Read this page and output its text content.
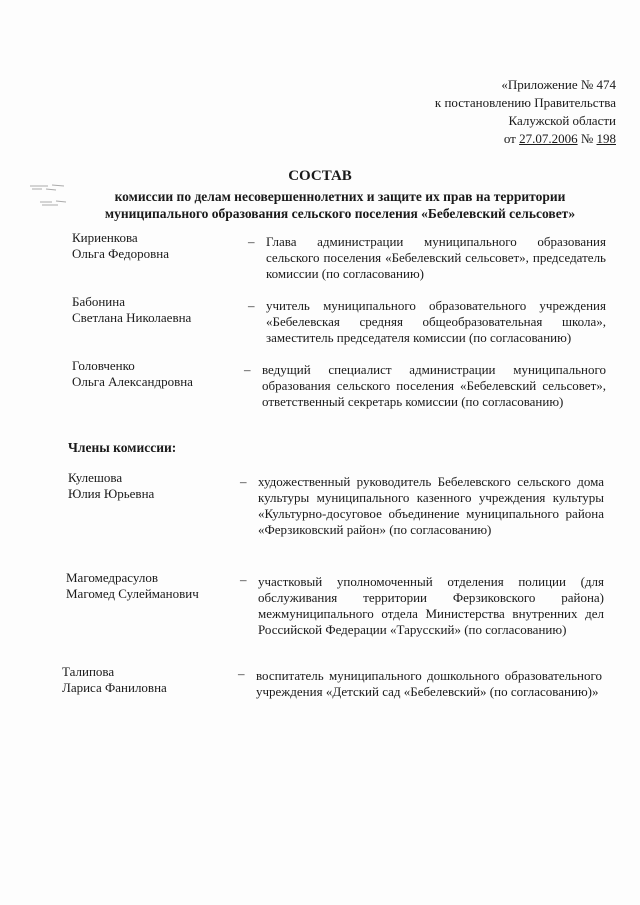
«Приложение № 474
к постановлению Правительства
Калужской области
от 27.07.2006 № 198
СОСТАВ
комиссии по делам несовершеннолетних и защите их прав на территории
муниципального образования сельского поселения «Бебелевский сельсовет»
Кириенкова
Ольга Федоровна
– Глава администрации муниципального образования сельского поселения «Бебелевский сельсовет», председатель комиссии (по согласованию)
Бабонина
Светлана Николаевна
– учитель муниципального образовательного учреждения «Бебелевская средняя общеобразовательная школа», заместитель председателя комиссии (по согласованию)
Головченко
Ольга Александровна
– ведущий специалист администрации муниципального образования сельского поселения «Бебелевский сельсовет», ответственный секретарь комиссии (по согласованию)
Члены комиссии:
Кулешова
Юлия Юрьевна
– художественный руководитель Бебелевского сельского дома культуры муниципального казенного учреждения культуры «Культурно-досуговое объединение муниципального района «Ферзиковский район» (по согласованию)
Магомедрасулов
Магомед Сулейманович
– участковый уполномоченный отделения полиции (для обслуживания территории Ферзиковского района) межмуниципального отдела Министерства внутренних дел Российской Федерации «Тарусский» (по согласованию)
Талипова
Лариса Фаниловна
– воспитатель муниципального дошкольного образовательного учреждения «Детский сад «Бебелевский» (по согласованию)»
